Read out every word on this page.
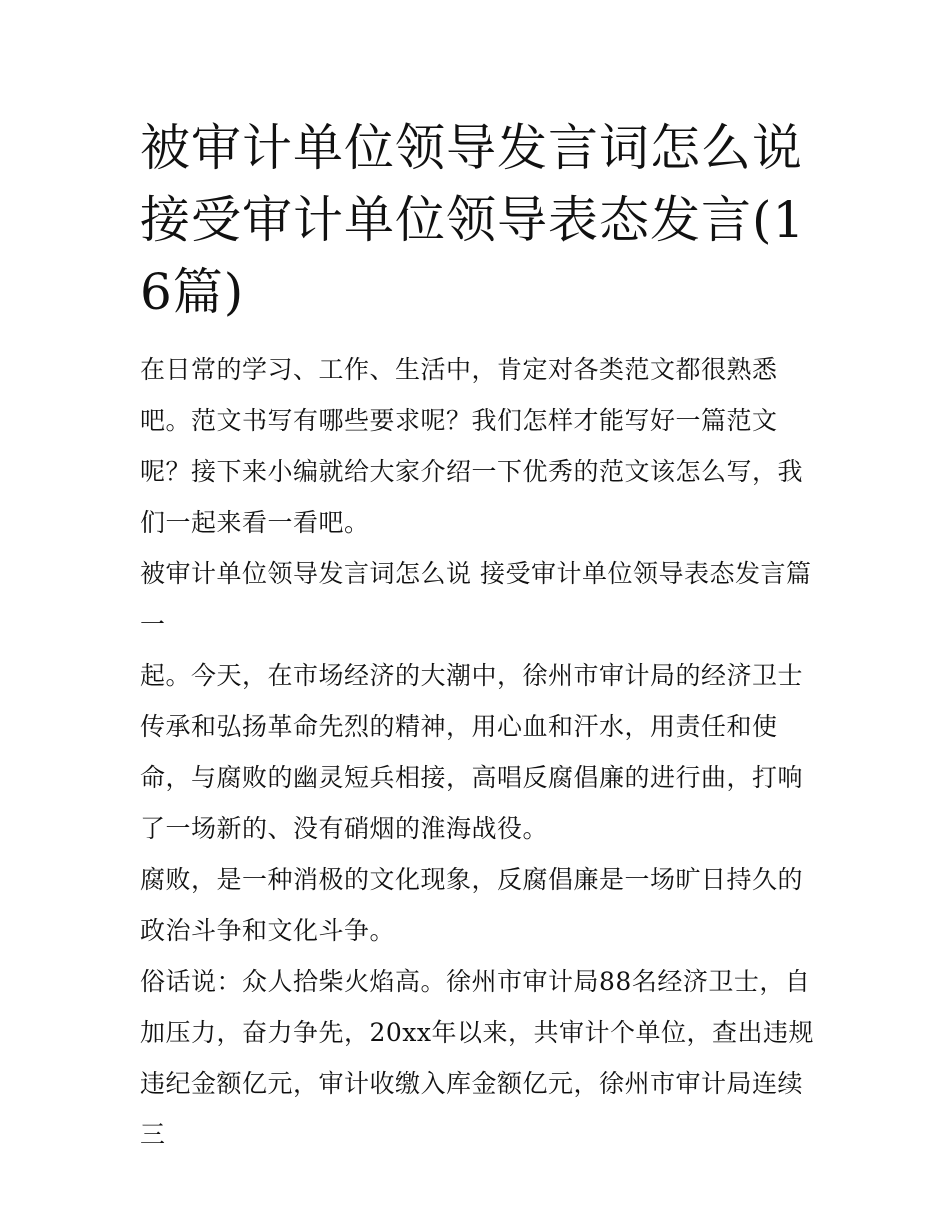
被审计单位领导发言词怎么说 接受审计单位领导表态发言(16篇)

在日常的学习、工作、生活中，肯定对各类范文都很熟悉吧。范文书写有哪些要求呢？我们怎样才能写好一篇范文呢？接下来小编就给大家介绍一下优秀的范文该怎么写，我们一起来看一看吧。

被审计单位领导发言词怎么说 接受审计单位领导表态发言篇一

起。今天，在市场经济的大潮中，徐州市审计局的经济卫士传承和弘扬革命先烈的精神，用心血和汗水，用责任和使命，与腐败的幽灵短兵相接，高唱反腐倡廉的进行曲，打响了一场新的、没有硝烟的淮海战役。

腐败，是一种消极的文化现象，反腐倡廉是一场旷日持久的政治斗争和文化斗争。

俗话说：众人拾柴火焰高。徐州市审计局88名经济卫士，自加压力，奋力争先，20xx年以来，共审计个单位，查出违规违纪金额亿元，审计收缴入库金额亿元，徐州市审计局连续三
